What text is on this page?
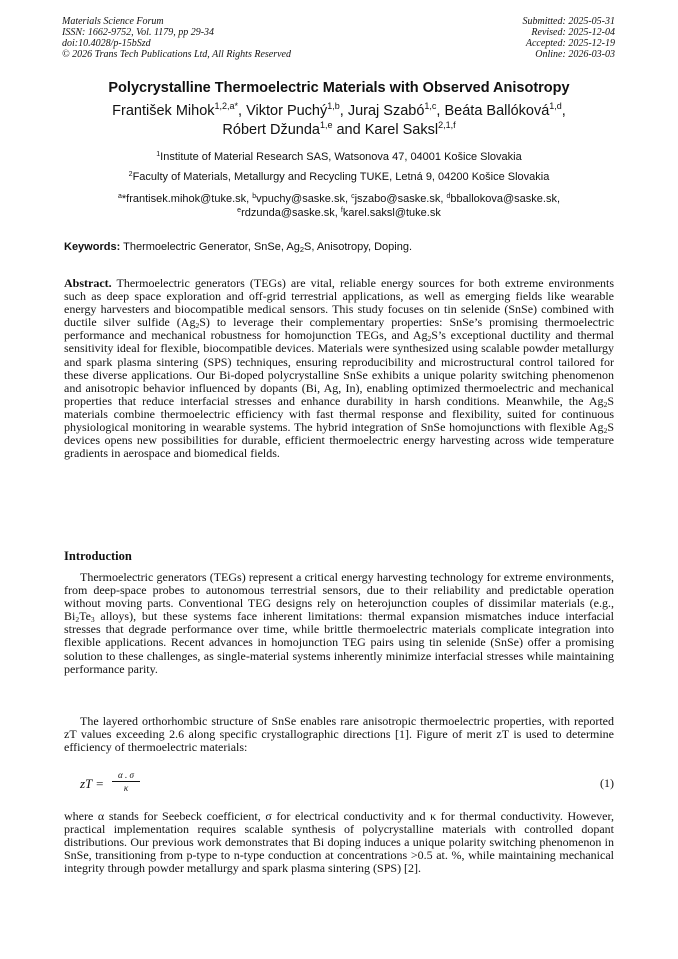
Materials Science Forum
ISSN: 1662-9752, Vol. 1179, pp 29-34
doi:10.4028/p-15bSzd
© 2026 Trans Tech Publications Ltd, All Rights Reserved
Submitted: 2025-05-31
Revised: 2025-12-04
Accepted: 2025-12-19
Online: 2026-03-03
Polycrystalline Thermoelectric Materials with Observed Anisotropy
František Mihok$^{1,2,a*}$, Viktor Puchý$^{1,b}$, Juraj Szabó$^{1,c}$, Beáta Ballóková$^{1,d}$,
Róbert Džunda$^{1,e}$ and Karel Saksl$^{2,1,f}$
$^1$Institute of Material Research SAS, Watsonova 47, 04001 Košice Slovakia
$^2$Faculty of Materials, Metallurgy and Recycling TUKE, Letná 9, 04200 Košice Slovakia
$^a$*frantisek.mihok@tuke.sk, $^b$vpuchy@saske.sk, $^c$jszabo@saske.sk, $^d$bballokova@saske.sk,
$^e$rdzunda@saske.sk, $^f$karel.saksl@tuke.sk
Keywords: Thermoelectric Generator, SnSe, $Ag_2S$, Anisotropy, Doping.
Abstract. Thermoelectric generators (TEGs) are vital, reliable energy sources for both extreme environments such as deep space exploration and off-grid terrestrial applications, as well as emerging fields like wearable energy harvesters and biocompatible medical sensors. This study focuses on tin selenide (SnSe) combined with ductile silver sulfide $(Ag_2S)$ to leverage their complementary properties: SnSe’s promising thermoelectric performance and mechanical robustness for homojunction TEGs, and $Ag_2S’s$ exceptional ductility and thermal sensitivity ideal for flexible, biocompatible devices. Materials were synthesized using scalable powder metallurgy and spark plasma sintering (SPS) techniques, ensuring reproducibility and microstructural control tailored for these diverse applications. Our Bi-doped polycrystalline SnSe exhibits a unique polarity switching phenomenon and anisotropic behavior influenced by dopants (Bi, Ag, In), enabling optimized thermoelectric and mechanical properties that reduce interfacial stresses and enhance durability in harsh conditions. Meanwhile, the $Ag_2S$ materials combine thermoelectric efficiency with fast thermal response and flexibility, suited for continuous physiological monitoring in wearable systems. The hybrid integration of SnSe homojunctions with flexible $Ag_2S$ devices opens new possibilities for durable, efficient thermoelectric energy harvesting across wide temperature gradients in aerospace and biomedical fields.
Introduction
Thermoelectric generators (TEGs) represent a critical energy harvesting technology for extreme environments, from deep-space probes to autonomous terrestrial sensors, due to their reliability and predictable operation without moving parts. Conventional TEG designs rely on heterojunction couples of dissimilar materials (e.g., $Bi_2Te_3$ alloys), but these systems face inherent limitations: thermal expansion mismatches induce interfacial stresses that degrade performance over time, while brittle thermoelectric materials complicate integration into flexible applications. Recent advances in homojunction TEG pairs using tin selenide (SnSe) offer a promising solution to these challenges, as single-material systems inherently minimize interfacial stresses while maintaining performance parity.
The layered orthorhombic structure of SnSe enables rare anisotropic thermoelectric properties, with reported zT values exceeding 2.6 along specific crystallographic directions [1]. Figure of merit zT is used to determine efficiency of thermoelectric materials:
zT = $\frac{\alpha . \sigma}{\kappa}$	(1)
where α stands for Seebeck coefficient, σ for electrical conductivity and κ for thermal conductivity. However, practical implementation requires scalable synthesis of polycrystalline materials with controlled dopant distributions. Our previous work demonstrates that Bi doping induces a unique polarity switching phenomenon in SnSe, transitioning from p-type to n-type conduction at concentrations >0.5 at. %, while maintaining mechanical integrity through powder metallurgy and spark plasma sintering (SPS) [2].
